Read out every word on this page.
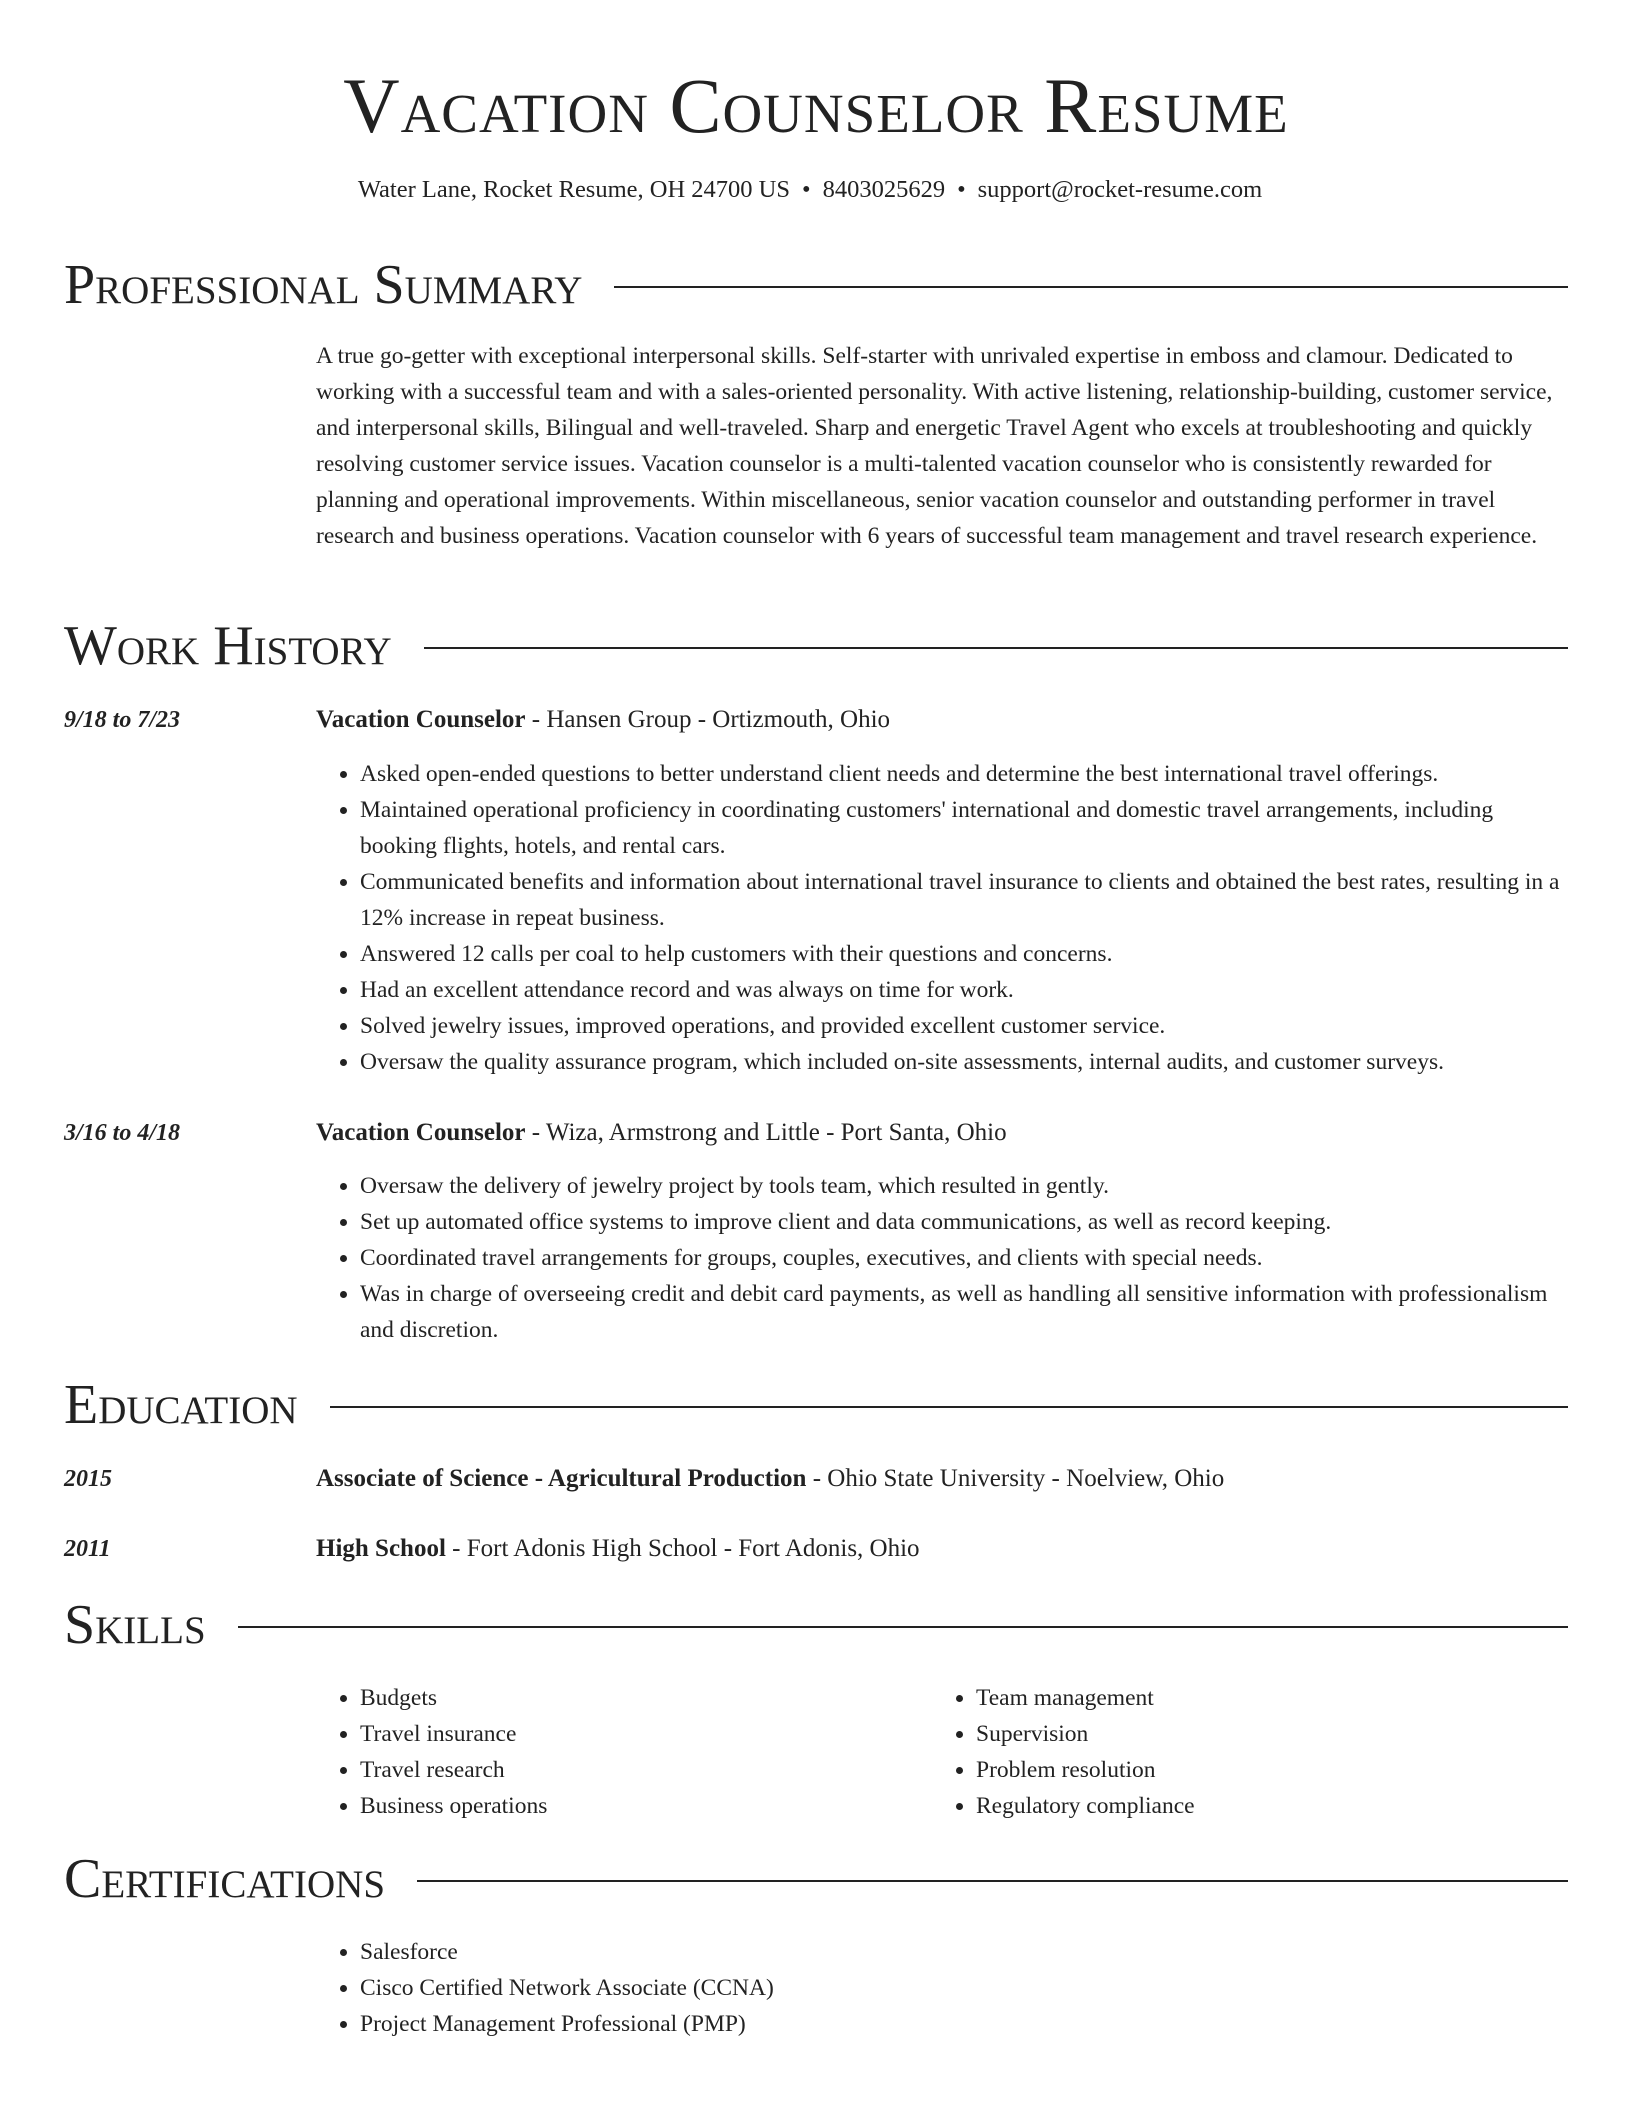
Vacation Counselor Resume
Water Lane, Rocket Resume, OH 24700 US • 8403025629 • support@rocket-resume.com
Professional Summary
A true go-getter with exceptional interpersonal skills. Self-starter with unrivaled expertise in emboss and clamour. Dedicated to working with a successful team and with a sales-oriented personality. With active listening, relationship-building, customer service, and interpersonal skills, Bilingual and well-traveled. Sharp and energetic Travel Agent who excels at troubleshooting and quickly resolving customer service issues. Vacation counselor is a multi-talented vacation counselor who is consistently rewarded for planning and operational improvements. Within miscellaneous, senior vacation counselor and outstanding performer in travel research and business operations. Vacation counselor with 6 years of successful team management and travel research experience.
Work History
9/18 to 7/23	Vacation Counselor - Hansen Group - Ortizmouth, Ohio
• Asked open-ended questions to better understand client needs and determine the best international travel offerings.
• Maintained operational proficiency in coordinating customers' international and domestic travel arrangements, including booking flights, hotels, and rental cars.
• Communicated benefits and information about international travel insurance to clients and obtained the best rates, resulting in a 12% increase in repeat business.
• Answered 12 calls per coal to help customers with their questions and concerns.
• Had an excellent attendance record and was always on time for work.
• Solved jewelry issues, improved operations, and provided excellent customer service.
• Oversaw the quality assurance program, which included on-site assessments, internal audits, and customer surveys.
3/16 to 4/18	Vacation Counselor - Wiza, Armstrong and Little - Port Santa, Ohio
• Oversaw the delivery of jewelry project by tools team, which resulted in gently.
• Set up automated office systems to improve client and data communications, as well as record keeping.
• Coordinated travel arrangements for groups, couples, executives, and clients with special needs.
• Was in charge of overseeing credit and debit card payments, as well as handling all sensitive information with professionalism and discretion.
Education
2015	Associate of Science - Agricultural Production - Ohio State University - Noelview, Ohio
2011	High School - Fort Adonis High School - Fort Adonis, Ohio
Skills
• Budgets
• Travel insurance
• Travel research
• Business operations
• Team management
• Supervision
• Problem resolution
• Regulatory compliance
Certifications
• Salesforce
• Cisco Certified Network Associate (CCNA)
• Project Management Professional (PMP)
